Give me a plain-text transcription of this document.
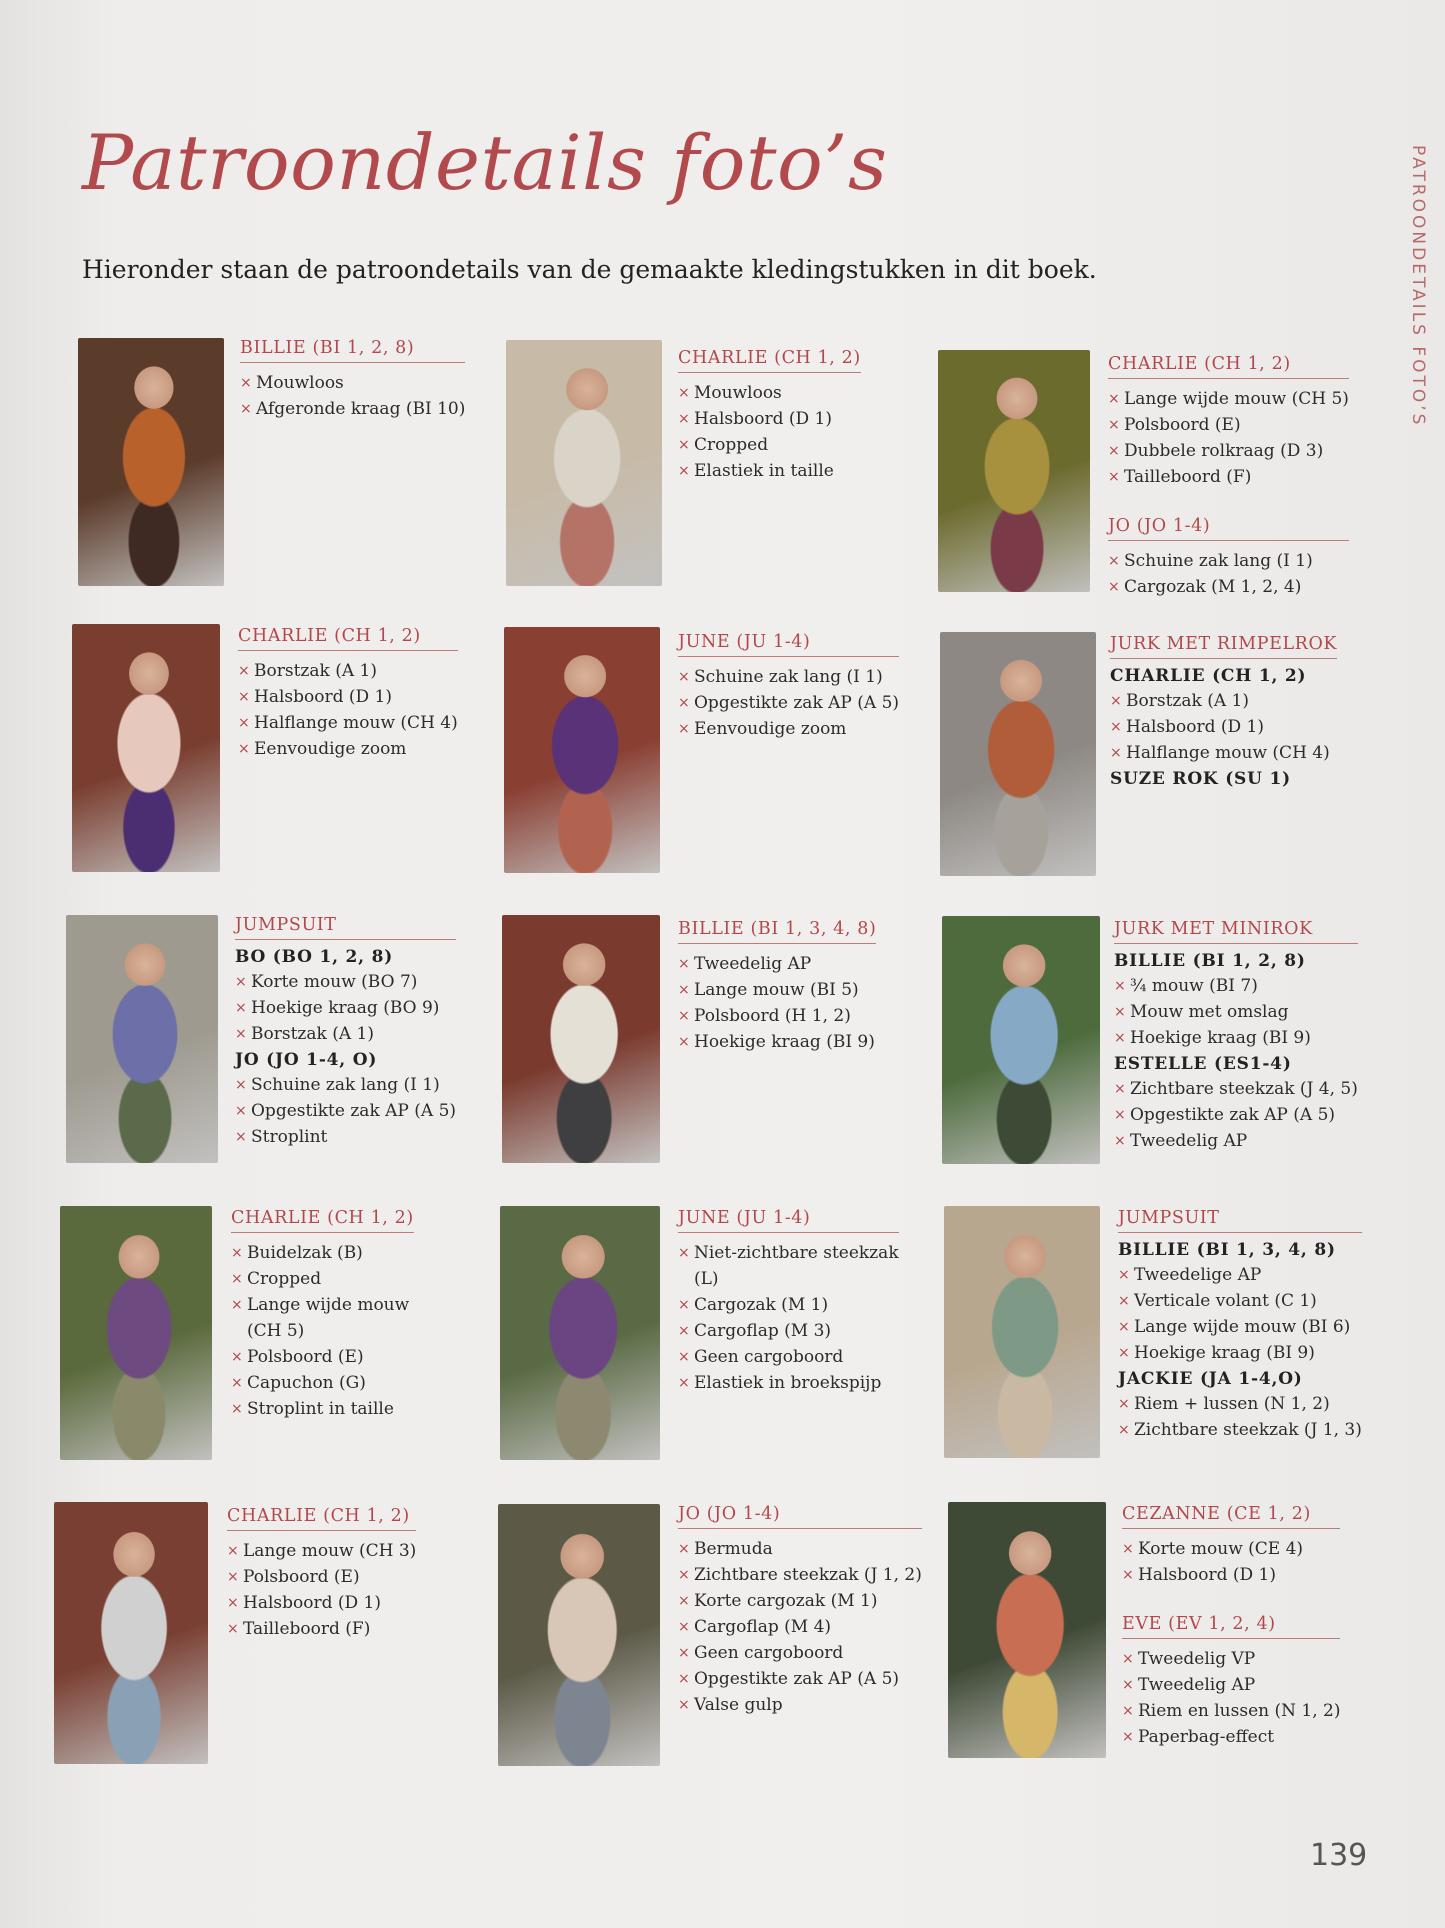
Patroondetails foto’s

Hieronder staan de patroondetails van de gemaakte kledingstukken in dit boek.	PATROONDETAILS FOTO’S
139
BILLIE (BI 1, 2, 8)
× Mouwloos
× Afgeronde kraag (BI 10)
CHARLIE (CH 1, 2)
× Mouwloos
× Halsboord (D 1)
× Cropped
× Elastiek in taille
CHARLIE (CH 1, 2)
× Lange wijde mouw (CH 5)
× Polsboord (E)
× Dubbele rolkraag (D 3)
× Tailleboord (F)
JO (JO 1-4)
× Schuine zak lang (I 1)
× Cargozak (M 1, 2, 4)
CHARLIE (CH 1, 2)
× Borstzak (A 1)
× Halsboord (D 1)
× Halflange mouw (CH 4)
× Eenvoudige zoom
JUNE (JU 1-4)
× Schuine zak lang (I 1)
× Opgestikte zak AP (A 5)
× Eenvoudige zoom
JURK MET RIMPELROK
CHARLIE (CH 1, 2)
× Borstzak (A 1)
× Halsboord (D 1)
× Halflange mouw (CH 4)
SUZE ROK (SU 1)
JUMPSUIT
BO (BO 1, 2, 8)
× Korte mouw (BO 7)
× Hoekige kraag (BO 9)
× Borstzak (A 1)
JO (JO 1-4, O)
× Schuine zak lang (I 1)
× Opgestikte zak AP (A 5)
× Stroplint
BILLIE (BI 1, 3, 4, 8)
× Tweedelig AP
× Lange mouw (BI 5)
× Polsboord (H 1, 2)
× Hoekige kraag (BI 9)
JURK MET MINIROK
BILLIE (BI 1, 2, 8)
× ¾ mouw (BI 7)
× Mouw met omslag
× Hoekige kraag (BI 9)
ESTELLE (ES1-4)
× Zichtbare steekzak (J 4, 5)
× Opgestikte zak AP (A 5)
× Tweedelig AP
CHARLIE (CH 1, 2)
× Buidelzak (B)
× Cropped
× Lange wijde mouw
(CH 5)
× Polsboord (E)
× Capuchon (G)
× Stroplint in taille
JUNE (JU 1-4)
× Niet-zichtbare steekzak
(L)
× Cargozak (M 1)
× Cargoflap (M 3)
× Geen cargoboord
× Elastiek in broekspijp
JUMPSUIT
BILLIE (BI 1, 3, 4, 8)
× Tweedelige AP
× Verticale volant (C 1)
× Lange wijde mouw (BI 6)
× Hoekige kraag (BI 9)
JACKIE (JA 1-4,O)
× Riem + lussen (N 1, 2)
× Zichtbare steekzak (J 1, 3)
CHARLIE (CH 1, 2)
× Lange mouw (CH 3)
× Polsboord (E)
× Halsboord (D 1)
× Tailleboord (F)
JO (JO 1-4)
× Bermuda
× Zichtbare steekzak (J 1, 2)
× Korte cargozak (M 1)
× Cargoflap (M 4)
× Geen cargoboord
× Opgestikte zak AP (A 5)
× Valse gulp
CEZANNE (CE 1, 2)
× Korte mouw (CE 4)
× Halsboord (D 1)
EVE (EV 1, 2, 4)
× Tweedelig VP
× Tweedelig AP
× Riem en lussen (N 1, 2)
× Paperbag-effect
